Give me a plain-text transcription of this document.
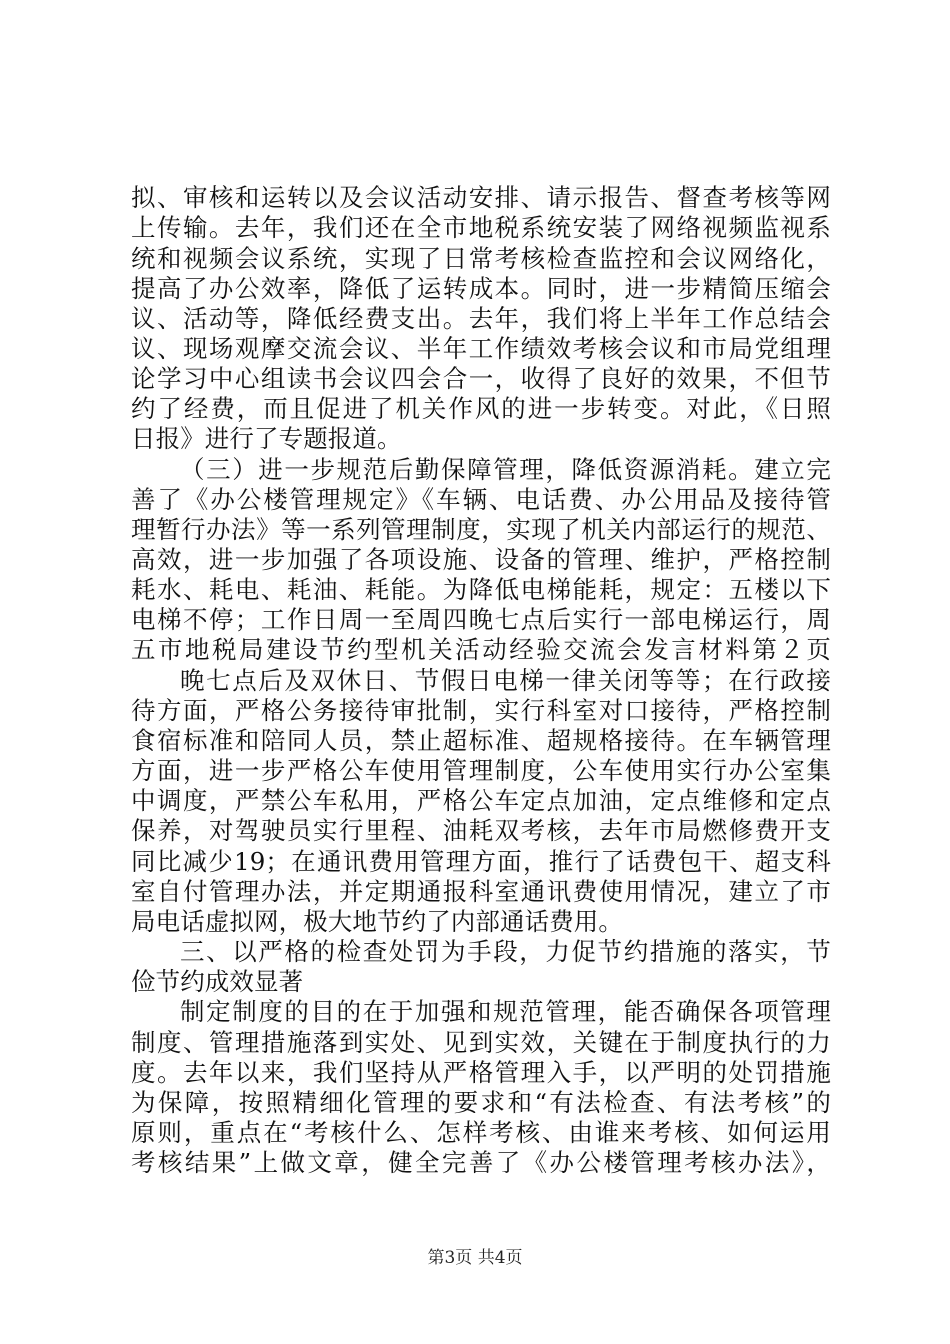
拟、审核和运转以及会议活动安排、请示报告、督查考核等网
上传输。去年，我们还在全市地税系统安装了网络视频监视系
统和视频会议系统，实现了日常考核检查监控和会议网络化，
提高了办公效率，降低了运转成本。同时，进一步精简压缩会
议、活动等，降低经费支出。去年，我们将上半年工作总结会
议、现场观摩交流会议、半年工作绩效考核会议和市局党组理
论学习中心组读书会议四会合一，收得了良好的效果，不但节
约了经费，而且促进了机关作风的进一步转变。对此，《日照
日报》进行了专题报道。
（三）进一步规范后勤保障管理，降低资源消耗。建立完
善了《办公楼管理规定》《车辆、电话费、办公用品及接待管
理暂行办法》等一系列管理制度，实现了机关内部运行的规范、
高效，进一步加强了各项设施、设备的管理、维护，严格控制
耗水、耗电、耗油、耗能。为降低电梯能耗，规定：五楼以下
电梯不停；工作日周一至周四晚七点后实行一部电梯运行，周
五市地税局建设节约型机关活动经验交流会发言材料第２页
晚七点后及双休日、节假日电梯一律关闭等等；在行政接
待方面，严格公务接待审批制，实行科室对口接待，严格控制
食宿标准和陪同人员，禁止超标准、超规格接待。在车辆管理
方面，进一步严格公车使用管理制度，公车使用实行办公室集
中调度，严禁公车私用，严格公车定点加油，定点维修和定点
保养，对驾驶员实行里程、油耗双考核，去年市局燃修费开支
同比减少19；在通讯费用管理方面，推行了话费包干、超支科
室自付管理办法，并定期通报科室通讯费使用情况，建立了市
局电话虚拟网，极大地节约了内部通话费用。
三、以严格的检查处罚为手段，力促节约措施的落实，节
俭节约成效显著
制定制度的目的在于加强和规范管理，能否确保各项管理
制度、管理措施落到实处、见到实效，关键在于制度执行的力
度。去年以来，我们坚持从严格管理入手，以严明的处罚措施
为保障，按照精细化管理的要求和“有法检查、有法考核”的
原则，重点在“考核什么、怎样考核、由谁来考核、如何运用
考核结果”上做文章，健全完善了《办公楼管理考核办法》，
第3页 共4页
